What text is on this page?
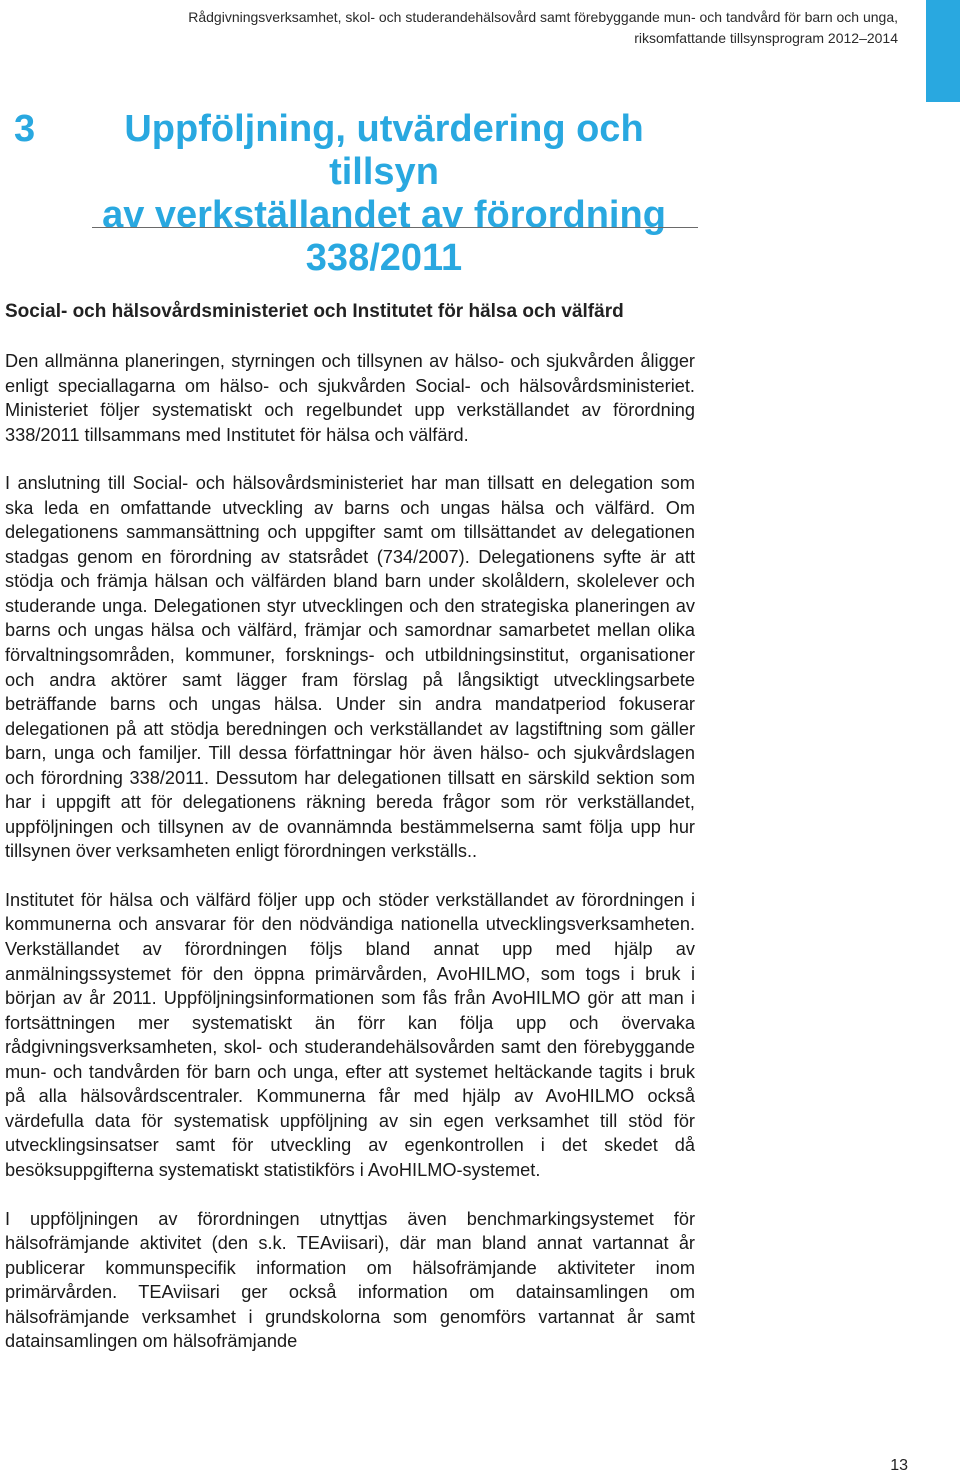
Rådgivningsverksamhet, skol- och studerandehälsovård samt förebyggande mun- och tandvård för barn och unga,
riksomfattande tillsynsprogram 2012–2014
3	Uppföljning, utvärdering och tillsyn
av verkställandet av förordning
338/2011
Social- och hälsovårdsministeriet och Institutet för hälsa och välfärd

Den allmänna planeringen, styrningen och tillsynen av hälso- och sjukvården åligger enligt speciallagarna om hälso- och sjukvården Social- och hälsovårdsministeriet. Ministeriet följer systematiskt och regelbundet upp verkställandet av förordning 338/2011 tillsammans med Institutet för hälsa och välfärd.

I anslutning till Social- och hälsovårdsministeriet har man tillsatt en delegation som ska leda en omfattande utveckling av barns och ungas hälsa och välfärd. Om delegationens sammansättning och uppgifter samt om tillsättandet av delegationen stadgas genom en förordning av statsrådet (734/2007). Delegationens syfte är att stödja och främja hälsan och välfärden bland barn under skolåldern, skolelever och studerande unga. Delegationen styr utvecklingen och den strategiska planeringen av barns och ungas hälsa och välfärd, främjar och samordnar samarbetet mellan olika förvaltningsområden, kommuner, forsknings- och utbildningsinstitut, organisationer och andra aktörer samt lägger fram förslag på långsiktigt utvecklingsarbete beträffande barns och ungas hälsa. Under sin andra mandatperiod fokuserar delegationen på att stödja beredningen och verkställandet av lagstiftning som gäller barn, unga och familjer. Till dessa författningar hör även hälso- och sjukvårdslagen och förordning 338/2011. Dessutom har delegationen tillsatt en särskild sektion som har i uppgift att för delegationens räkning bereda frågor som rör verkställandet, uppföljningen och tillsynen av de ovannämnda bestämmelserna samt följa upp hur tillsynen över verksamheten enligt förordningen verkställs..

Institutet för hälsa och välfärd följer upp och stöder verkställandet av förordningen i kommunerna och ansvarar för den nödvändiga nationella utvecklingsverksamheten. Verkställandet av förordningen följs bland annat upp med hjälp av anmälningssystemet för den öppna primärvården, AvoHILMO, som togs i bruk i början av år 2011. Uppföljningsinformationen som fås från AvoHILMO gör att man i fortsättningen mer systematiskt än förr kan följa upp och övervaka rådgivningsverksamheten, skol- och studerandehälsovården samt den förebyggande mun- och tandvården för barn och unga, efter att systemet heltäckande tagits i bruk på alla hälsovårdscentraler. Kommunerna får med hjälp av AvoHILMO också värdefulla data för systematisk uppföljning av sin egen verksamhet till stöd för utvecklingsinsatser samt för utveckling av egenkontrollen i det skedet då besöksuppgifterna systematiskt statistikförs i AvoHILMO-systemet.

I uppföljningen av förordningen utnyttjas även benchmarkingsystemet för hälsofrämjande aktivitet (den s.k. TEAviisari), där man bland annat vartannat år publicerar kommunspecifik information om hälsofrämjande aktiviteter inom primärvården. TEAviisari ger också information om datainsamlingen om hälsofrämjande verksamhet i grundskolorna som genomförs vartannat år samt datainsamlingen om hälsofrämjande

13
